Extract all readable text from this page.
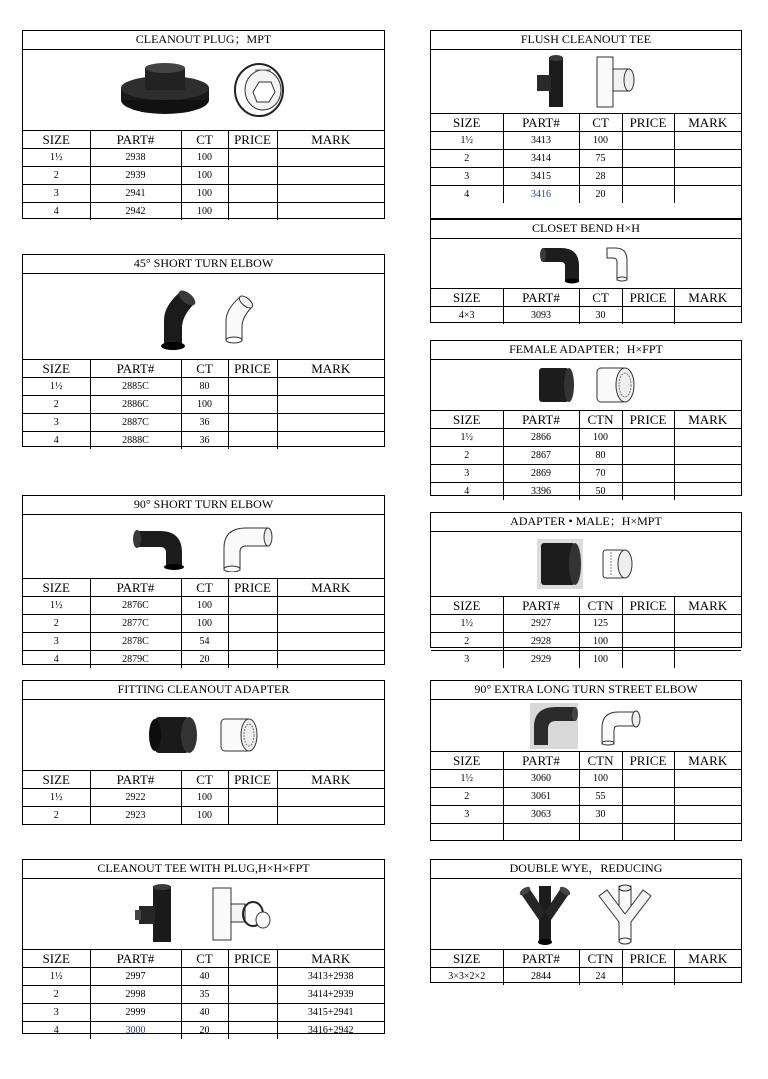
CLEANOUT PLUG；MPT
SIZE	PART#	CT	PRICE	MARK
1½	2938	100		
2	2939	100		
3	2941	100		
4	2942	100		
45° SHORT TURN ELBOW
SIZE	PART#	CT	PRICE	MARK
1½	2885C	80		
2	2886C	100		
3	2887C	36		
4	2888C	36		
90° SHORT TURN ELBOW
SIZE	PART#	CT	PRICE	MARK
1½	2876C	100		
2	2877C	100		
3	2878C	54		
4	2879C	20		
FITTING CLEANOUT ADAPTER
SIZE	PART#	CT	PRICE	MARK
1½	2922	100		
2	2923	100		
CLEANOUT TEE WITH PLUG,H×H×FPT
SIZE	PART#	CT	PRICE	MARK
1½	2997	40		3413+2938
2	2998	35		3414+2939
3	2999	40		3415+2941
4	3000	20		3416+2942
FLUSH CLEANOUT TEE
SIZE	PART#	CT	PRICE	MARK
1½	3413	100		
2	3414	75		
3	3415	28		
4	3416	20		
CLOSET BEND H×H
SIZE	PART#	CT	PRICE	MARK
4×3	3093	30		
FEMALE ADAPTER；H×FPT
SIZE	PART#	CTN	PRICE	MARK
1½	2866	100		
2	2867	80		
3	2869	70		
4	3396	50		
ADAPTER • MALE；H×MPT
SIZE	PART#	CTN	PRICE	MARK
1½	2927	125		
2	2928	100		
3	2929	100		
90° EXTRA LONG TURN STREET ELBOW
SIZE	PART#	CTN	PRICE	MARK
1½	3060	100		
2	3061	55		
3	3063	30		

DOUBLE WYE，REDUCING
SIZE	PART#	CTN	PRICE	MARK
3×3×2×2	2844	24		
